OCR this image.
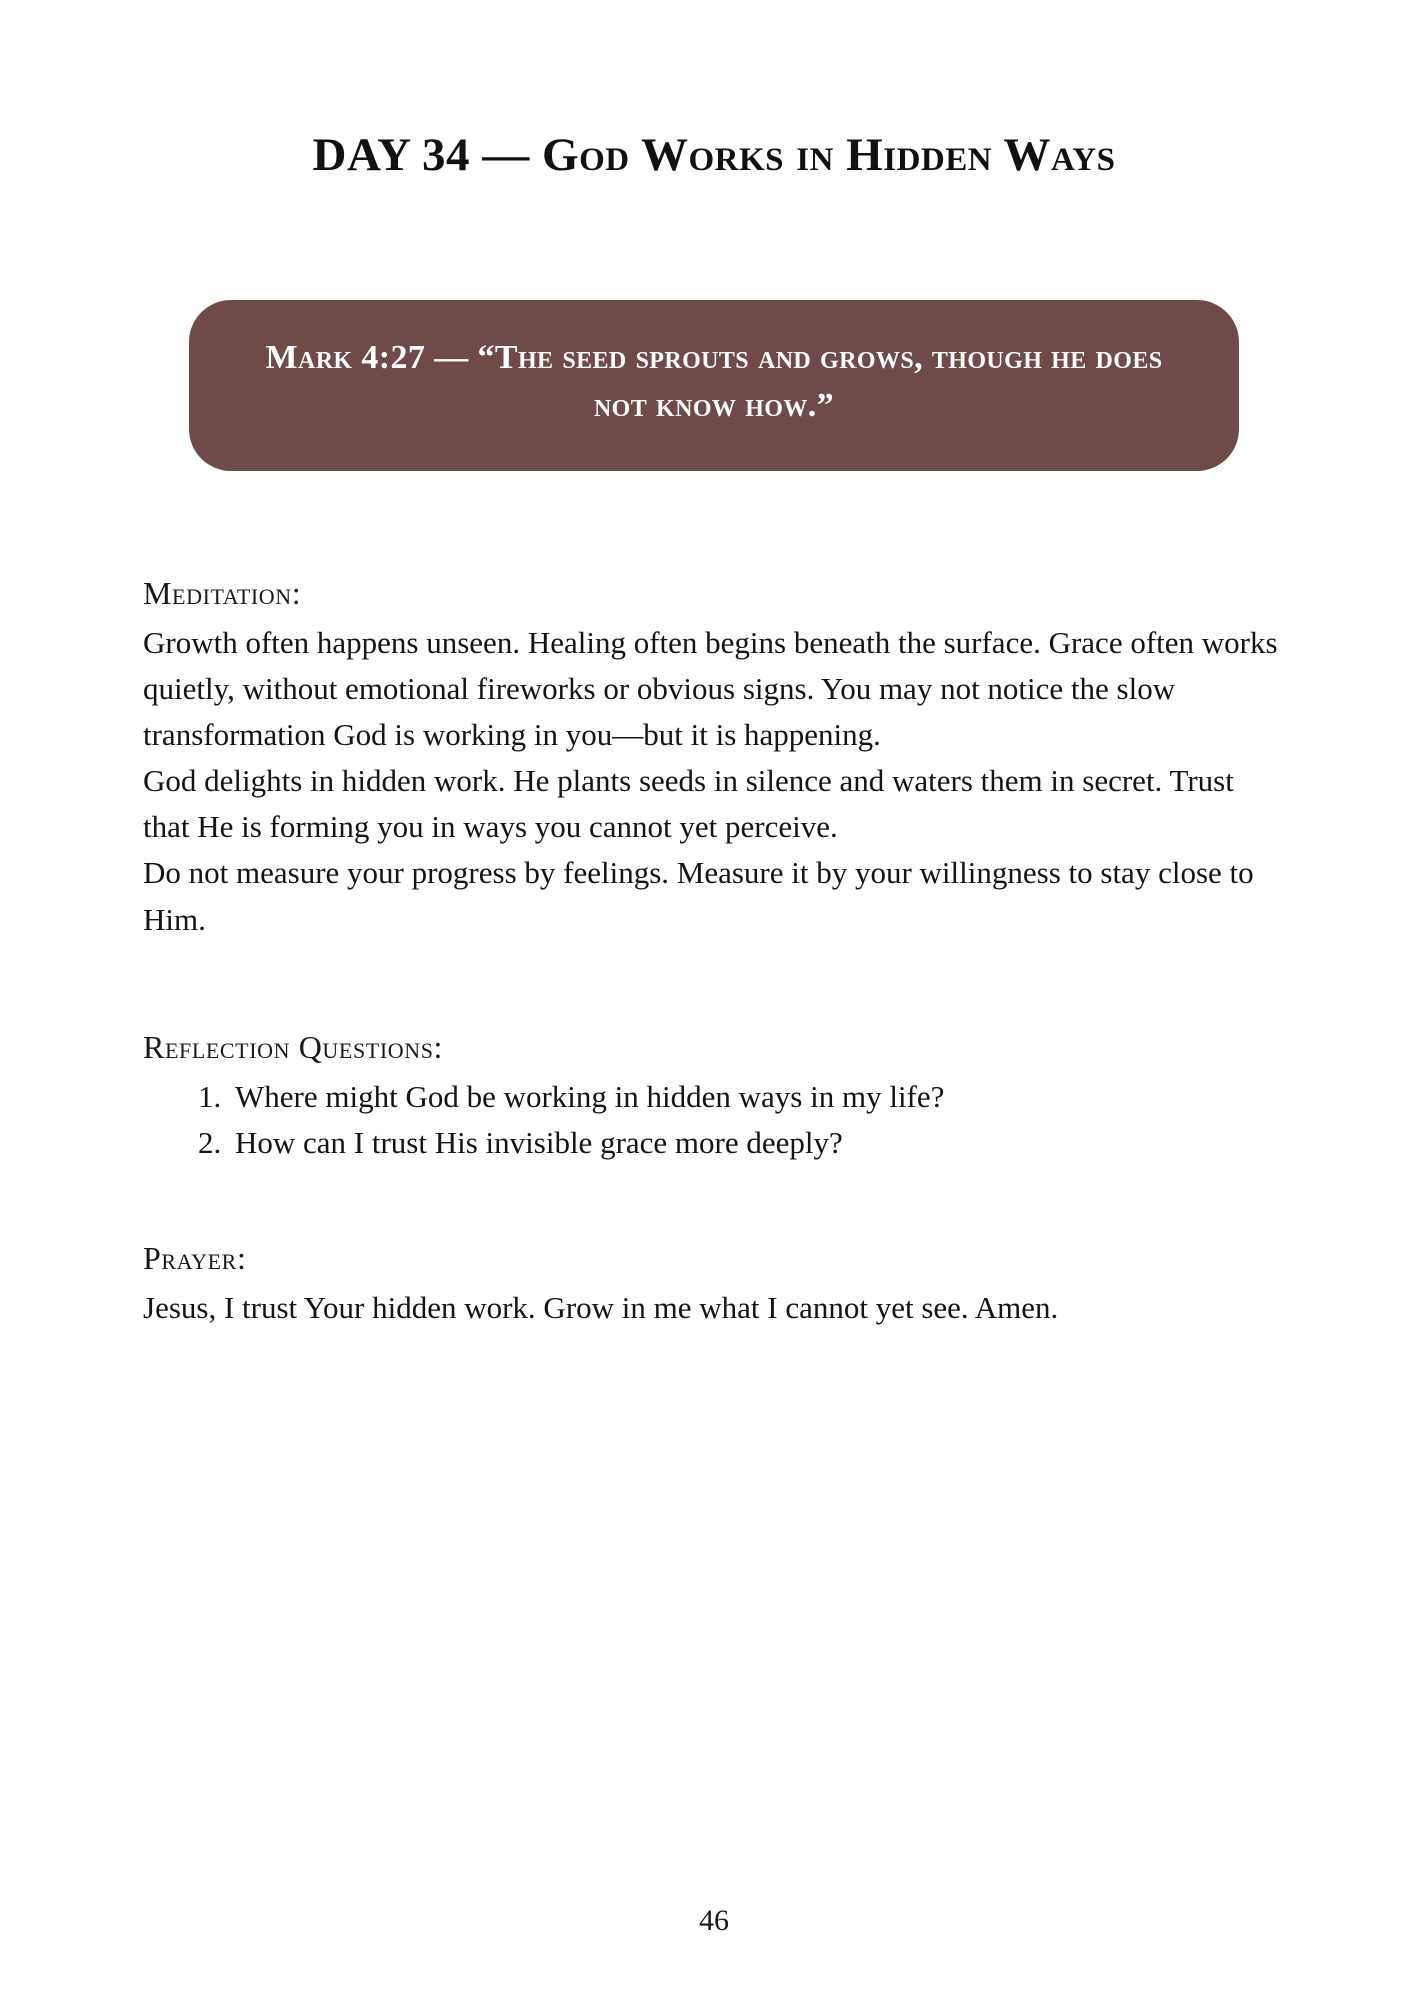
DAY 34 — God Works in Hidden Ways

Mark 4:27 — “The seed sprouts and grows, though he does not know how.”

Meditation:

Growth often happens unseen. Healing often begins beneath the surface. Grace often works quietly, without emotional fireworks or obvious signs. You may not notice the slow transformation God is working in you—but it is happening.

God delights in hidden work. He plants seeds in silence and waters them in secret. Trust that He is forming you in ways you cannot yet perceive.

Do not measure your progress by feelings. Measure it by your willingness to stay close to Him.

Reflection Questions:
1. Where might God be working in hidden ways in my life?
2. How can I trust His invisible grace more deeply?
Prayer:
Jesus, I trust Your hidden work. Grow in me what I cannot yet see. Amen.
46
